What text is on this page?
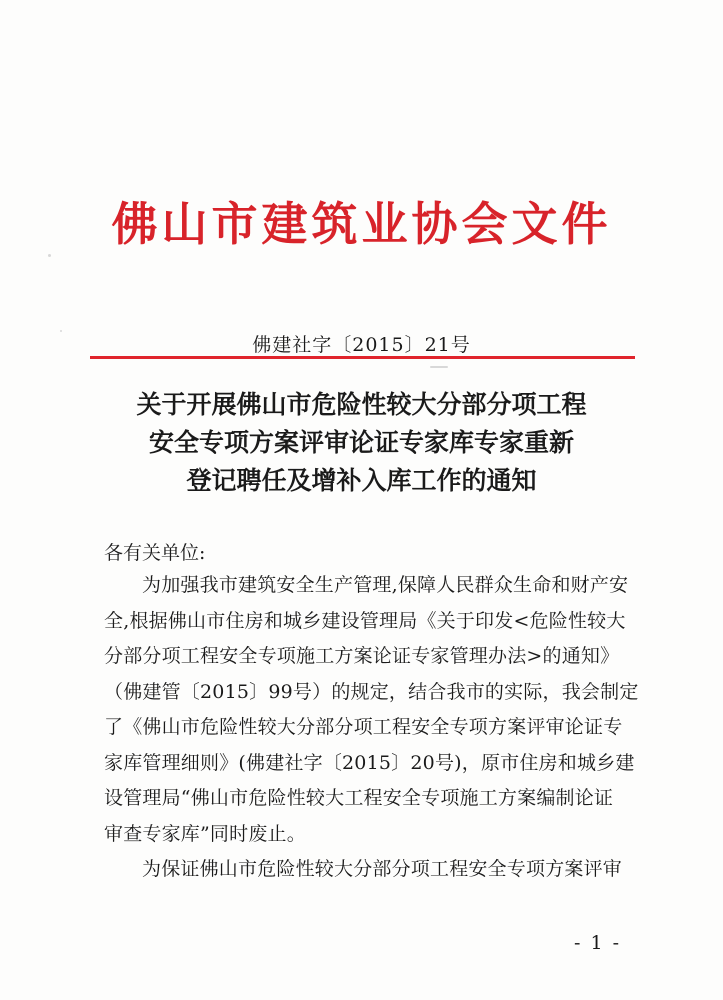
佛山市建筑业协会文件
佛建社字〔2015〕21号
关于开展佛山市危险性较大分部分项工程
安全专项方案评审论证专家库专家重新
登记聘任及增补入库工作的通知
各有关单位:
为加强我市建筑安全生产管理,保障人民群众生命和财产安
全,根据佛山市住房和城乡建设管理局《关于印发<危险性较大
分部分项工程安全专项施工方案论证专家管理办法>的通知》
（佛建管〔2015〕99号）的规定，结合我市的实际，我会制定
了《佛山市危险性较大分部分项工程安全专项方案评审论证专
家库管理细则》(佛建社字〔2015〕20号)，原市住房和城乡建
设管理局“佛山市危险性较大工程安全专项施工方案编制论证
审查专家库”同时废止。
为保证佛山市危险性较大分部分项工程安全专项方案评审
- 1 -
